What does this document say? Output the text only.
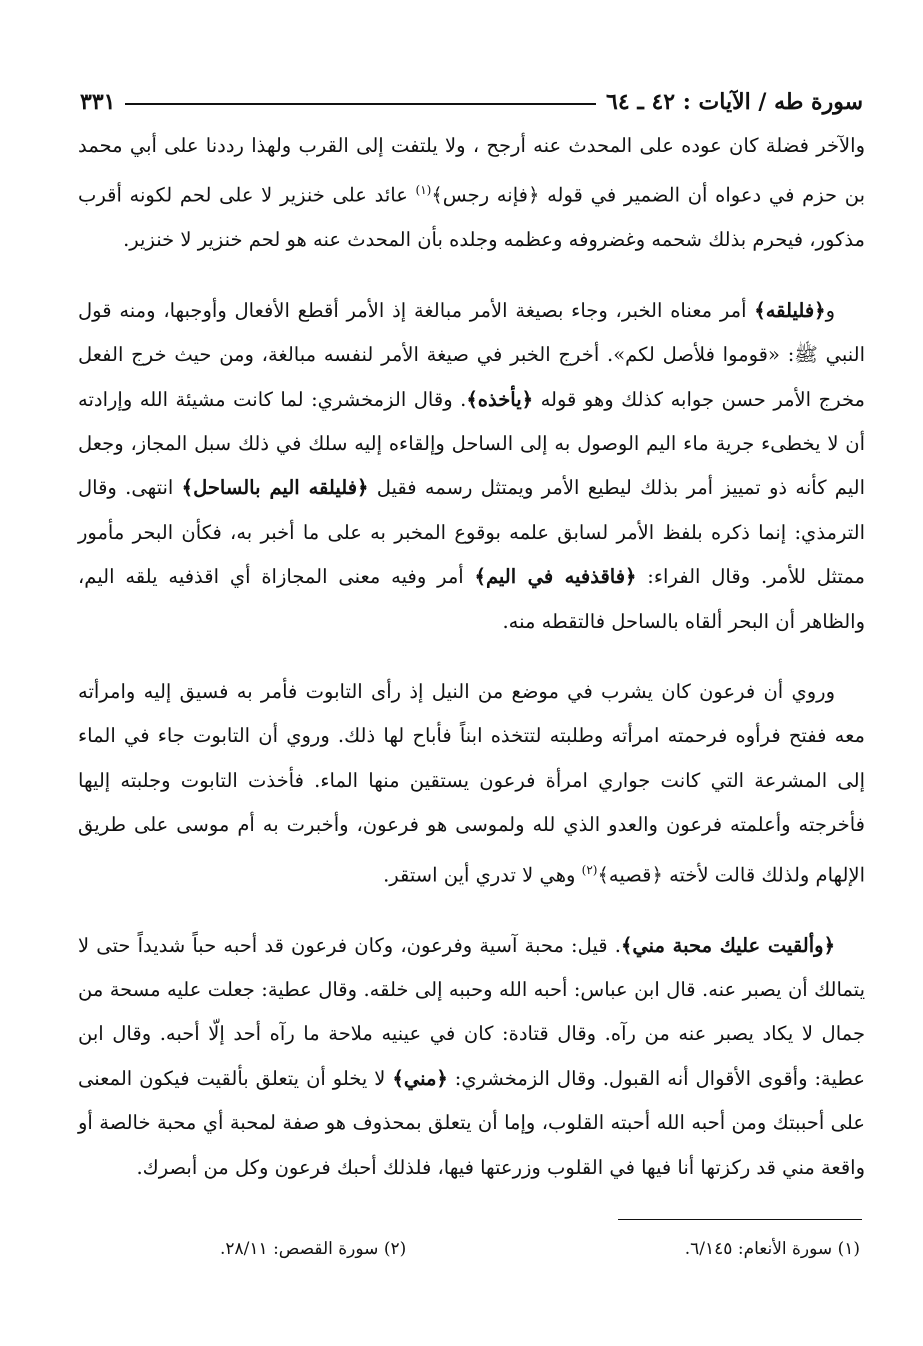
سورة طه / الآيات : ٤٢ ـ ٦٤
٣٣١

والآخر فضلة كان عوده على المحدث عنه أرجح ، ولا يلتفت إلى القرب ولهذا رددنا على أبي محمد بن حزم في دعواه أن الضمير في قوله ﴿فإنه رجس﴾$^{(١)}$ عائد على خنزير لا على لحم لكونه أقرب مذكور، فيحرم بذلك شحمه وغضروفه وعظمه وجلده بأن المحدث عنه هو لحم خنزير لا خنزير.

و﴿فليلقه﴾ أمر معناه الخبر، وجاء بصيغة الأمر مبالغة إذ الأمر أقطع الأفعال وأوجبها، ومنه قول النبي ﷺ: «قوموا فلأصل لكم». أخرج الخبر في صيغة الأمر لنفسه مبالغة، ومن حيث خرج الفعل مخرج الأمر حسن جوابه كذلك وهو قوله ﴿يأخذه﴾. وقال الزمخشري: لما كانت مشيئة الله وإرادته أن لا يخطىء جرية ماء اليم الوصول به إلى الساحل وإلقاءه إليه سلك في ذلك سبل المجاز، وجعل اليم كأنه ذو تمييز أمر بذلك ليطيع الأمر ويمتثل رسمه فقيل ﴿فليلقه اليم بالساحل﴾ انتهى. وقال الترمذي: إنما ذكره بلفظ الأمر لسابق علمه بوقوع المخبر به على ما أخبر به، فكأن البحر مأمور ممتثل للأمر. وقال الفراء: ﴿فاقذفيه في اليم﴾ أمر وفيه معنى المجازاة أي اقذفيه يلقه اليم، والظاهر أن البحر ألقاه بالساحل فالتقطه منه.

وروي أن فرعون كان يشرب في موضع من النيل إذ رأى التابوت فأمر به فسيق إليه وامرأته معه ففتح فرأوه فرحمته امرأته وطلبته لتتخذه ابناً فأباح لها ذلك. وروي أن التابوت جاء في الماء إلى المشرعة التي كانت جواري امرأة فرعون يستقين منها الماء. فأخذت التابوت وجلبته إليها فأخرجته وأعلمته فرعون والعدو الذي لله ولموسى هو فرعون، وأخبرت به أم موسى على طريق الإلهام ولذلك قالت لأخته ﴿قصيه﴾$^{(٢)}$ وهي لا تدري أين استقر.

﴿وألقيت عليك محبة مني﴾. قيل: محبة آسية وفرعون، وكان فرعون قد أحبه حباً شديداً حتى لا يتمالك أن يصبر عنه. قال ابن عباس: أحبه الله وحببه إلى خلقه. وقال عطية: جعلت عليه مسحة من جمال لا يكاد يصبر عنه من رآه. وقال قتادة: كان في عينيه ملاحة ما رآه أحد إلّا أحبه. وقال ابن عطية: وأقوى الأقوال أنه القبول. وقال الزمخشري: ﴿مني﴾ لا يخلو أن يتعلق بألقيت فيكون المعنى على أحببتك ومن أحبه الله أحبته القلوب، وإما أن يتعلق بمحذوف هو صفة لمحبة أي محبة خالصة أو واقعة مني قد ركزتها أنا فيها في القلوب وزرعتها فيها، فلذلك أحبك فرعون وكل من أبصرك.

(١) سورة الأنعام: ٦/١٤٥.
(٢) سورة القصص: ٢٨/١١.
